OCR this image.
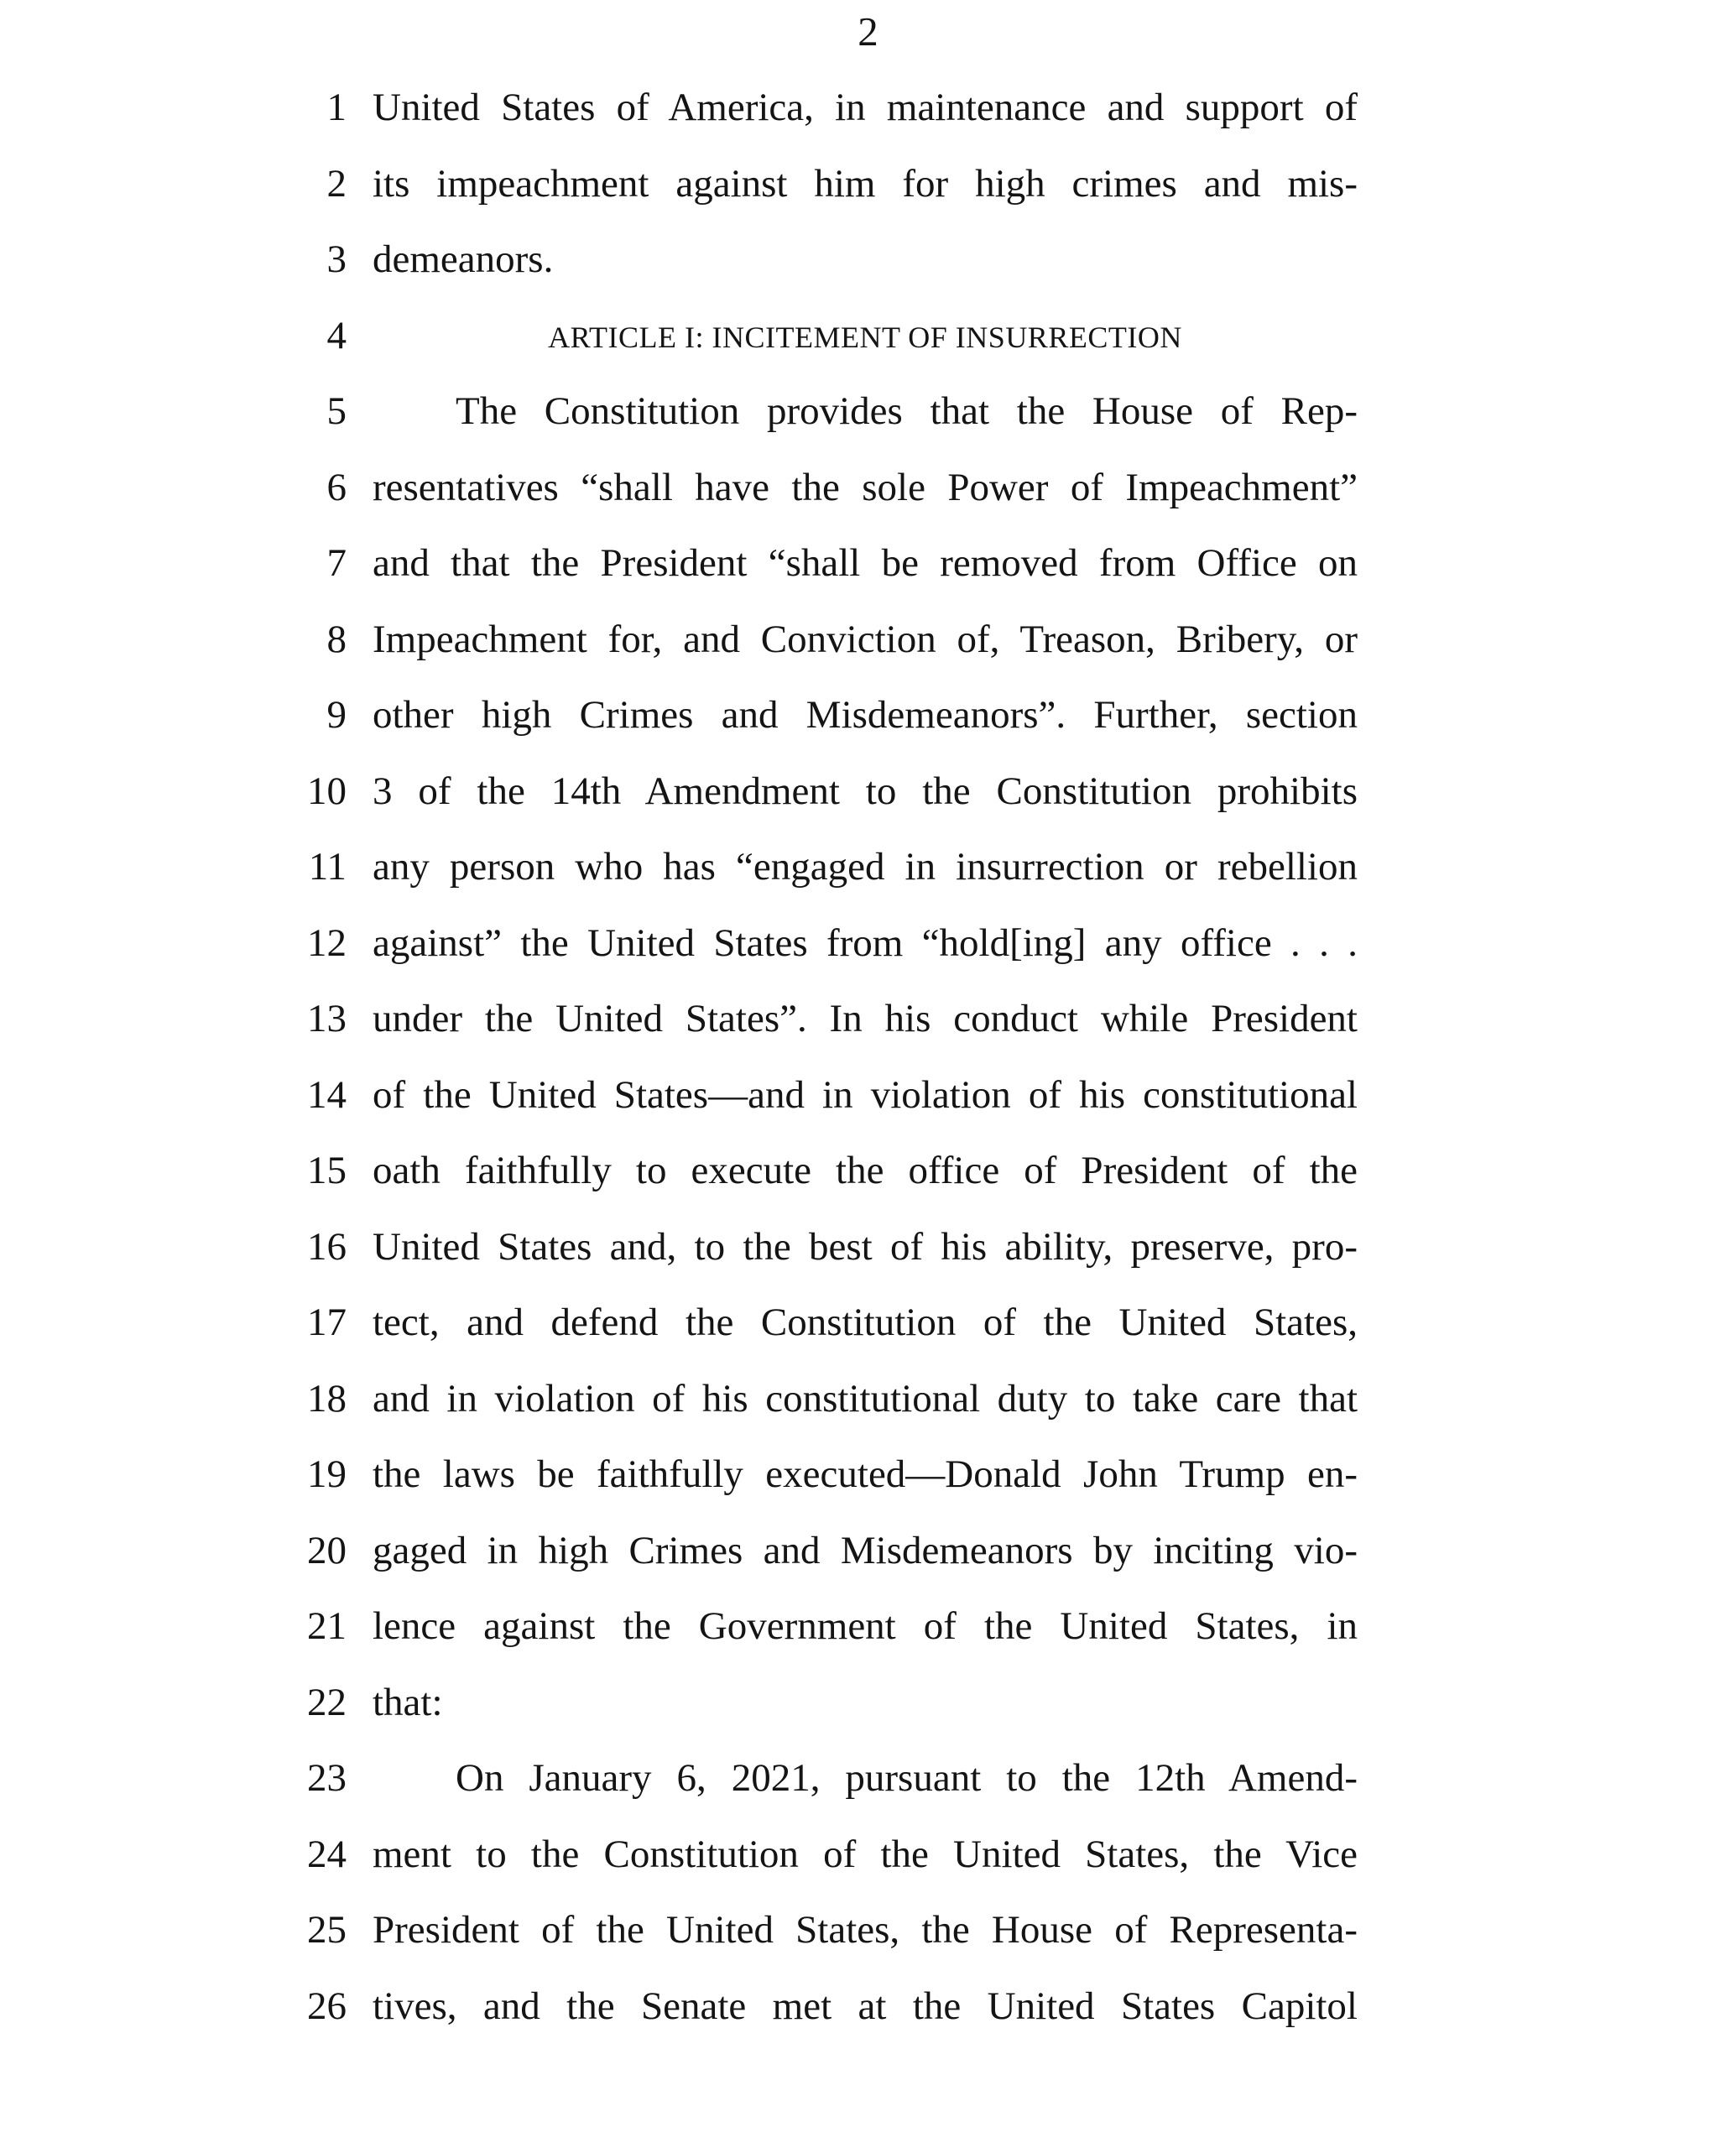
2
1 United States of America, in maintenance and support of
2 its impeachment against him for high crimes and mis-
3 demeanors.
4	ARTICLE I: INCITEMENT OF INSURRECTION
5	The Constitution provides that the House of Rep-
6 resentatives “shall have the sole Power of Impeachment”
7 and that the President “shall be removed from Office on
8 Impeachment for, and Conviction of, Treason, Bribery, or
9 other high Crimes and Misdemeanors”. Further, section
10 3 of the 14th Amendment to the Constitution prohibits
11 any person who has “engaged in insurrection or rebellion
12 against” the United States from “hold[ing] any office . . .
13 under the United States”. In his conduct while President
14 of the United States—and in violation of his constitutional
15 oath faithfully to execute the office of President of the
16 United States and, to the best of his ability, preserve, pro-
17 tect, and defend the Constitution of the United States,
18 and in violation of his constitutional duty to take care that
19 the laws be faithfully executed—Donald John Trump en-
20 gaged in high Crimes and Misdemeanors by inciting vio-
21 lence against the Government of the United States, in
22 that:
23	On January 6, 2021, pursuant to the 12th Amend-
24 ment to the Constitution of the United States, the Vice
25 President of the United States, the House of Representa-
26 tives, and the Senate met at the United States Capitol
